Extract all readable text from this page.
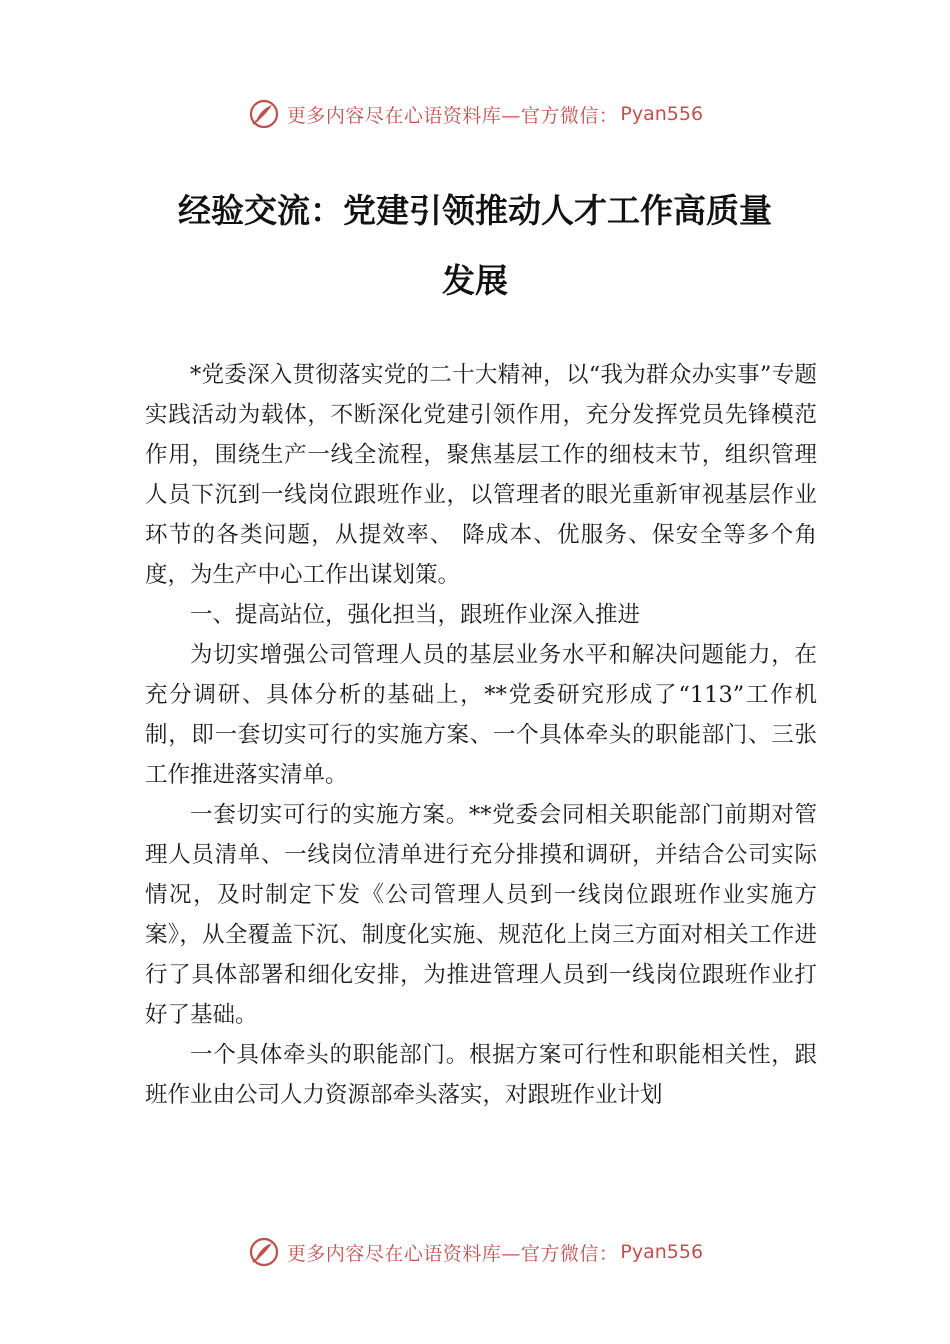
更多内容尽在心语资料库—官方微信： Pyan556
经验交流：党建引领推动人才工作高质量
发展

*党委深入贯彻落实党的二十大精神，以“我为群众办实事”专题实践活动为载体，不断深化党建引领作用，充分发挥党员先锋模范作用，围绕生产一线全流程，聚焦基层工作的细枝末节，组织管理人员下沉到一线岗位跟班作业，以管理者的眼光重新审视基层作业环节的各类问题，从提效率、 降成本、优服务、保安全等多个角度，为生产中心工作出谋划策。

一、提高站位，强化担当，跟班作业深入推进

为切实增强公司管理人员的基层业务水平和解决问题能力，在充分调研、具体分析的基础上，**党委研究形成了“113”工作机制，即一套切实可行的实施方案、一个具体牵头的职能部门、三张工作推进落实清单。

一套切实可行的实施方案。**党委会同相关职能部门前期对管理人员清单、一线岗位清单进行充分排摸和调研，并结合公司实际情况，及时制定下发《公司管理人员到一线岗位跟班作业实施方案》，从全覆盖下沉、制度化实施、规范化上岗三方面对相关工作进行了具体部署和细化安排，为推进管理人员到一线岗位跟班作业打好了基础。

一个具体牵头的职能部门。根据方案可行性和职能相关性，跟班作业由公司人力资源部牵头落实，对跟班作业计划

更多内容尽在心语资料库—官方微信： Pyan556
